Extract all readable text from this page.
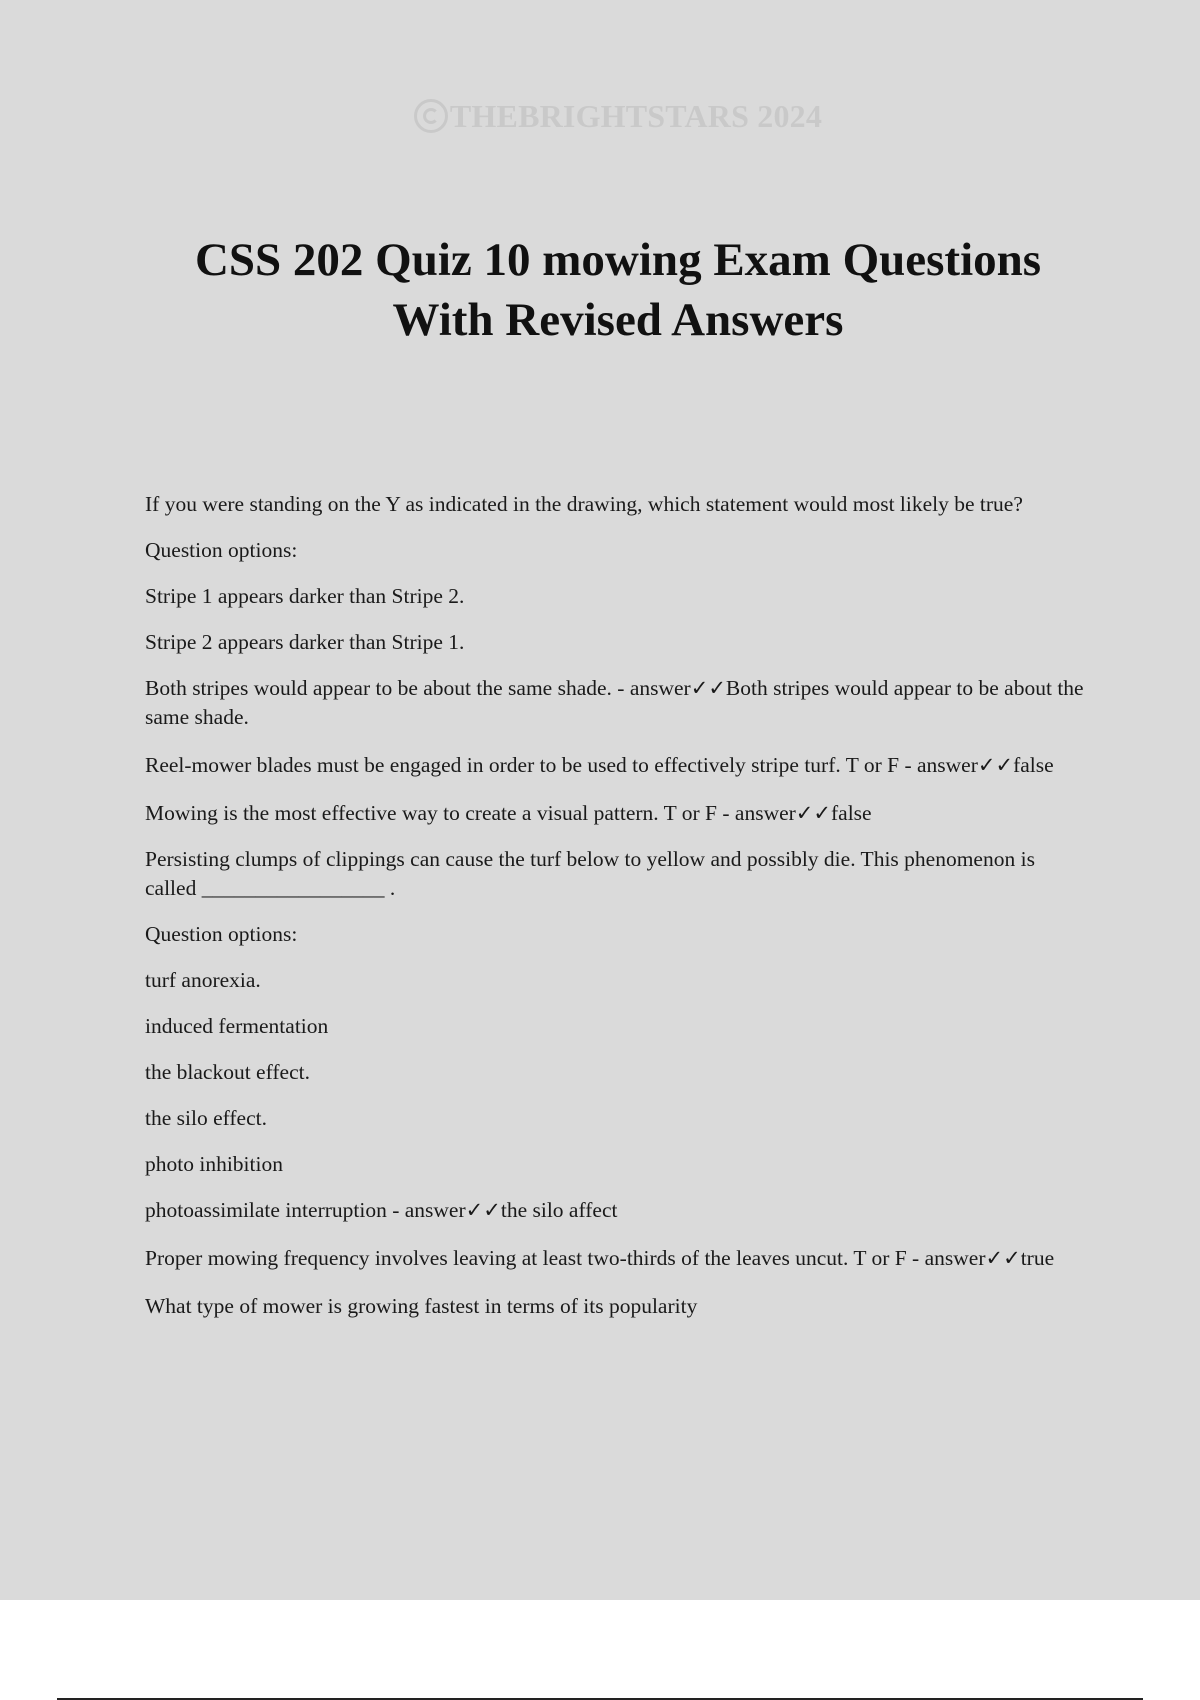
THEBRIGHTSTARS 2024
CSS 202 Quiz 10 mowing Exam Questions
With Revised Answers

If you were standing on the Y as indicated in the drawing, which statement would most likely be true?

Question options:

Stripe 1 appears darker than Stripe 2.

Stripe 2 appears darker than Stripe 1.

Both stripes would appear to be about the same shade. - answer✓✓Both stripes would appear to be about the same shade.

Reel-mower blades must be engaged in order to be used to effectively stripe turf. T or F - answer✓✓false

Mowing is the most effective way to create a visual pattern. T or F - answer✓✓false

Persisting clumps of clippings can cause the turf below to yellow and possibly die. This phenomenon is called _________________ .

Question options:

turf anorexia.

induced fermentation

the blackout effect.

the silo effect.

photo inhibition

photoassimilate interruption - answer✓✓the silo affect

Proper mowing frequency involves leaving at least two-thirds of the leaves uncut. T or F - answer✓✓true

What type of mower is growing fastest in terms of its popularity
